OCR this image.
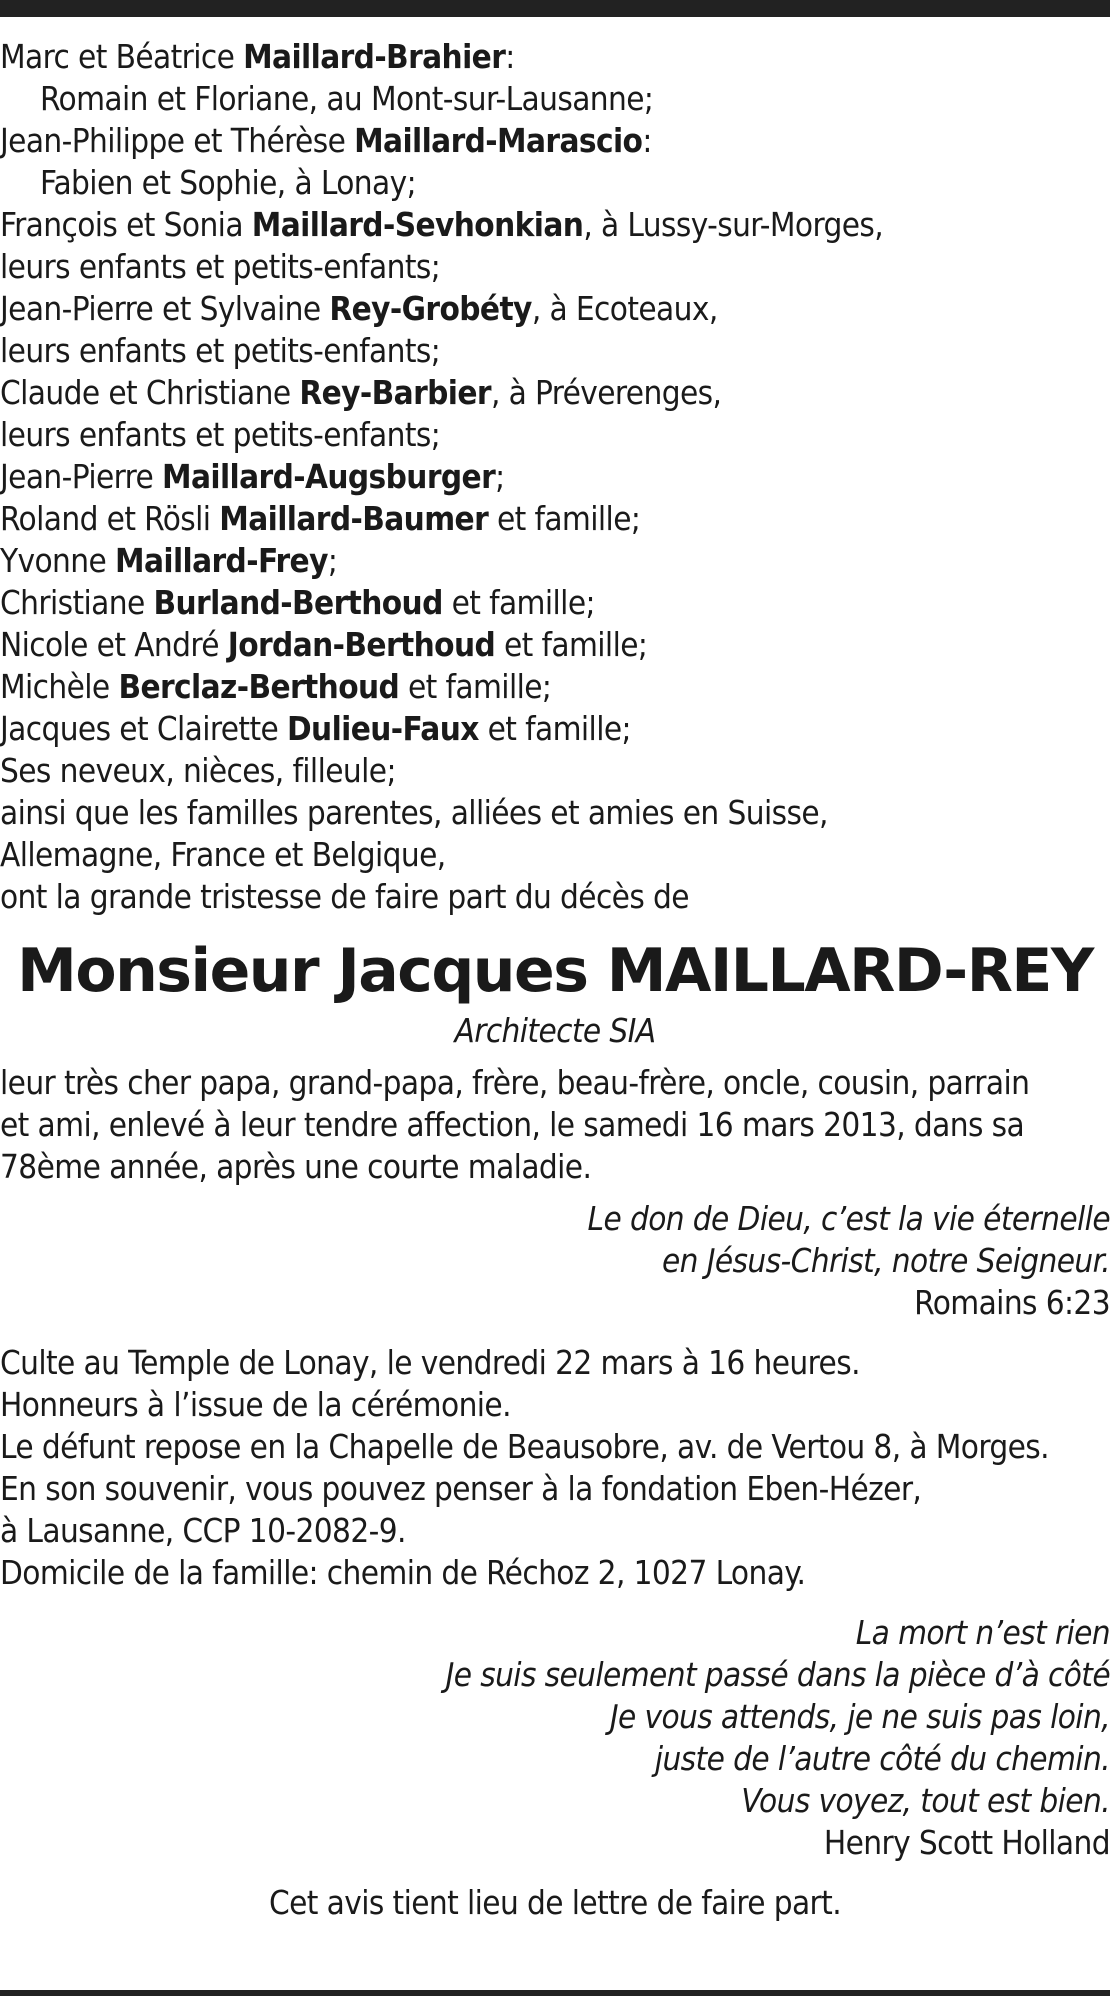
Marc et Béatrice Maillard-Brahier:
Romain et Floriane, au Mont-sur-Lausanne;
Jean-Philippe et Thérèse Maillard-Marascio:
Fabien et Sophie, à Lonay;
François et Sonia Maillard-Sevhonkian, à Lussy-sur-Morges,
leurs enfants et petits-enfants;
Jean-Pierre et Sylvaine Rey-Grobéty, à Ecoteaux,
leurs enfants et petits-enfants;
Claude et Christiane Rey-Barbier, à Préverenges,
leurs enfants et petits-enfants;
Jean-Pierre Maillard-Augsburger;
Roland et Rösli Maillard-Baumer et famille;
Yvonne Maillard-Frey;
Christiane Burland-Berthoud et famille;
Nicole et André Jordan-Berthoud et famille;
Michèle Berclaz-Berthoud et famille;
Jacques et Clairette Dulieu-Faux et famille;
Ses neveux, nièces, filleule;
ainsi que les familles parentes, alliées et amies en Suisse,
Allemagne, France et Belgique,
ont la grande tristesse de faire part du décès de
Monsieur Jacques MAILLARD-REY
Architecte SIA
leur très cher papa, grand-papa, frère, beau-frère, oncle, cousin, parrain
et ami, enlevé à leur tendre affection, le samedi 16 mars 2013, dans sa
78ème année, après une courte maladie.
Le don de Dieu, c’est la vie éternelle
en Jésus-Christ, notre Seigneur.
Romains 6:23
Culte au Temple de Lonay, le vendredi 22 mars à 16 heures.
Honneurs à l’issue de la cérémonie.
Le défunt repose en la Chapelle de Beausobre, av. de Vertou 8, à Morges.
En son souvenir, vous pouvez penser à la fondation Eben-Hézer,
à Lausanne, CCP 10-2082-9.
Domicile de la famille: chemin de Réchoz 2, 1027 Lonay.
La mort n’est rien
Je suis seulement passé dans la pièce d’à côté
Je vous attends, je ne suis pas loin,
juste de l’autre côté du chemin.
Vous voyez, tout est bien.
Henry Scott Holland
Cet avis tient lieu de lettre de faire part.
